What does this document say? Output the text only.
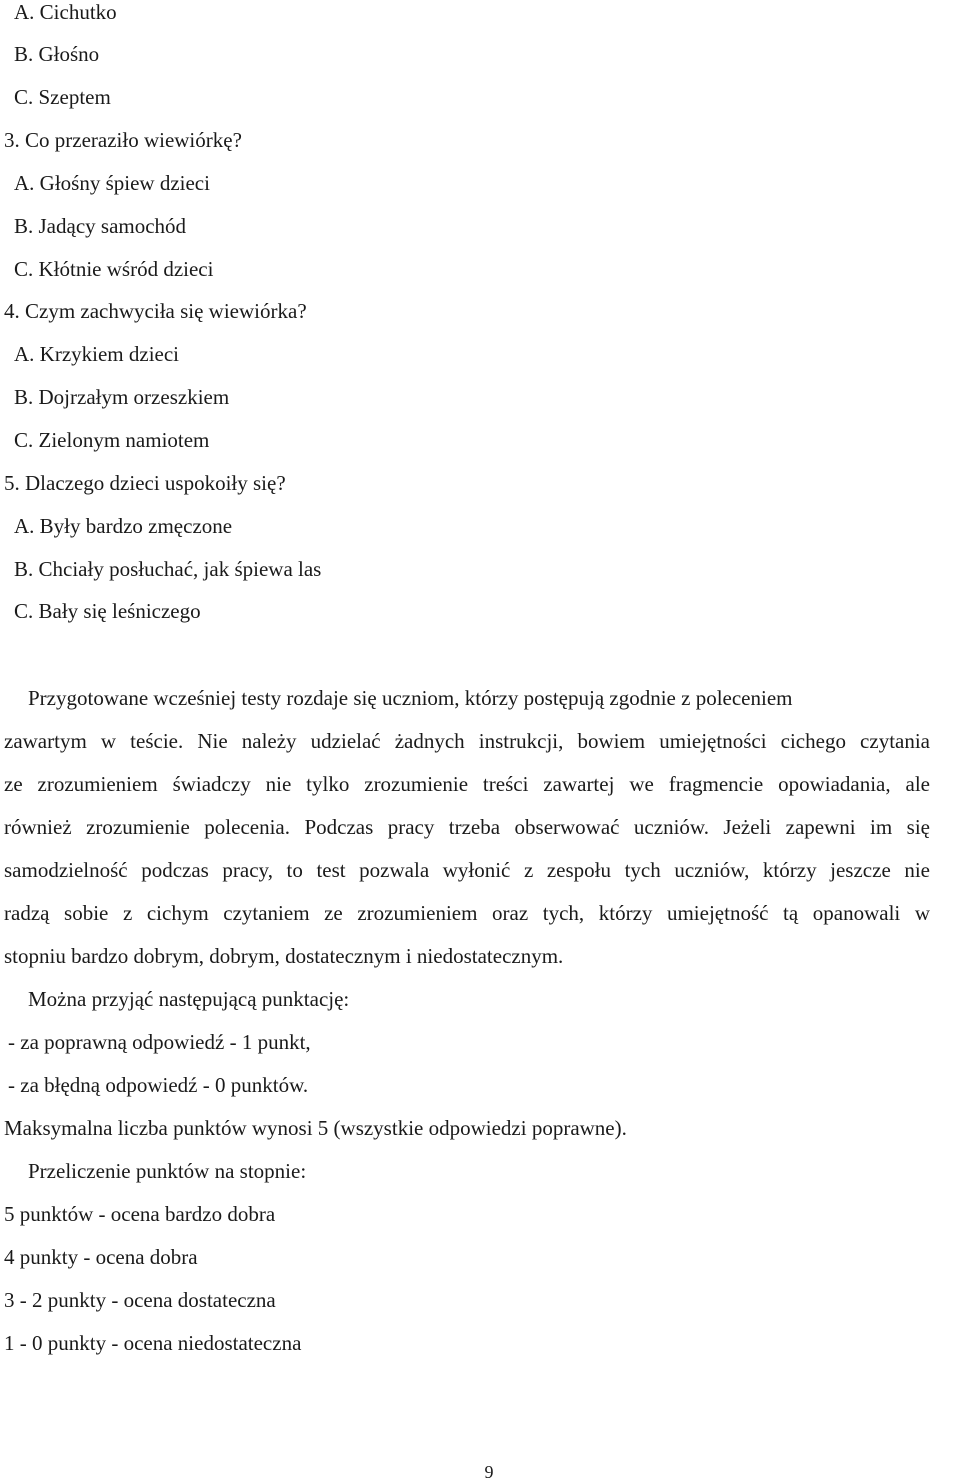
A. Cichutko
B. Głośno
C. Szeptem
3. Co przeraziło wiewiórkę?
A. Głośny śpiew dzieci
B. Jadący samochód
C. Kłótnie wśród dzieci
4. Czym zachwyciła się wiewiórka?
A. Krzykiem dzieci
B. Dojrzałym orzeszkiem
C. Zielonym namiotem
5. Dlaczego dzieci uspokoiły się?
A. Były bardzo zmęczone
B. Chciały posłuchać, jak śpiewa las
C. Bały się leśniczego
Przygotowane wcześniej testy rozdaje się uczniom, którzy postępują zgodnie z poleceniem
zawartym w teście. Nie należy udzielać żadnych instrukcji, bowiem umiejętności cichego czytania
ze zrozumieniem świadczy nie tylko zrozumienie treści zawartej we fragmencie opowiadania, ale
również zrozumienie polecenia. Podczas pracy trzeba obserwować uczniów. Jeżeli zapewni im się
samodzielność podczas pracy, to test pozwala wyłonić z zespołu tych uczniów, którzy jeszcze nie
radzą sobie z cichym czytaniem ze zrozumieniem oraz tych, którzy umiejętność tą opanowali w
stopniu bardzo dobrym, dobrym, dostatecznym i niedostatecznym.
Można przyjąć następującą punktację:
- za poprawną odpowiedź - 1 punkt,
- za błędną odpowiedź - 0 punktów.
Maksymalna liczba punktów wynosi 5 (wszystkie odpowiedzi poprawne).
Przeliczenie punktów na stopnie:
5 punktów - ocena bardzo dobra
4 punkty - ocena dobra
3 - 2 punkty - ocena dostateczna
1 - 0 punkty - ocena niedostateczna
9
